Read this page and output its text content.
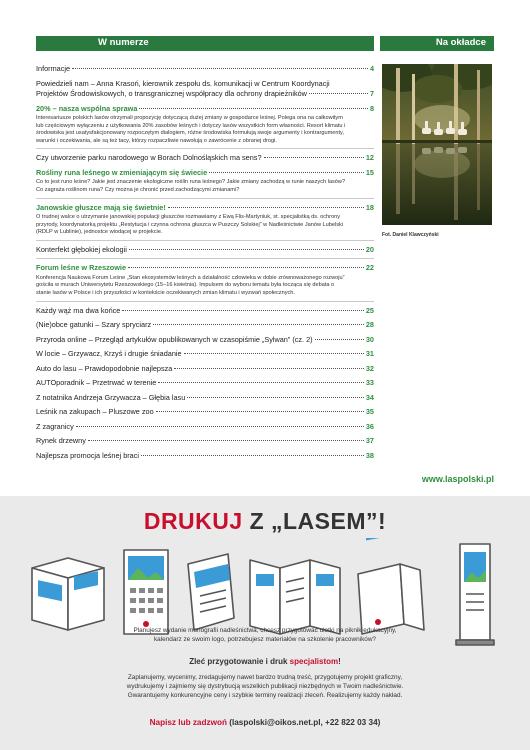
W numerze	Na okładce
Informacje	4
Powiedzieli nam – Anna Krasoń, kierownik zespołu ds. komunikacji w Centrum Koordynacji
Projektów Środowiskowych, o transgranicznej współpracy dla ochrony drapieżników	7
20% – nasza wspólna sprawa	8
Interesariusze polskich lasów otrzymali propozycję dotyczącą dużej zmiany w gospodarce leśnej. Polega ona na całkowitym lub częściowym wyłączeniu z użytkowania 20% zasobów leśnych i dotyczy lasów wszystkich form własności. Resort klimatu i środowiska jest usatysfakcjonowany rozpoczętym dialogiem, różne środowiska formułują swoje argumenty i kontrargumenty, warunki i oczekiwania, ale są też tacy, którzy rozpaczliwie nawołują o zawrócenie z obranej drogi.
Czy utworzenie parku narodowego w Borach Dolnośląskich ma sens?	12
Rośliny runa leśnego w zmieniającym się świecie	15
Co to jest runo leśne? Jakie jest znaczenie ekologiczne roślin runa leśnego? Jakie zmiany zachodzą w runie naszych lasów? Co zagraża roślinom runa? Czy można je chronić przed zachodzącymi zmianami?
Janowskie głuszce mają się świetnie!	18
O trudnej walce o utrzymanie janowskiej populacji głuszców rozmawiamy z Ewą Flis-Martyniuk, st. specjalistką ds. ochrony przyrody, koordynatorką projektu „Restytucja i czynna ochrona głuszca w Puszczy Solskiej” w Nadleśnictwie Janów Lubelski (RDLP w Lublinie), jednostce wiodącej w projekcie.
Konterfekt głębokiej ekologii	20
Forum leśne w Rzeszowie	22
Konferencja Naukowa Forum Leśne „Stan ekosystemów leśnych a działalność człowieka w dobie zrównoważonego rozwoju” gościła w murach Uniwersytetu Rzeszowskiego (15–16 kwietnia). Impulsem do wyboru tematu była tocząca się debata o stanie lasów w Polsce i ich przyszłości w kontekście oczekiwanych zmian klimatu i wyzwań społecznych.
Każdy wąż ma dwa końce	25
(Nie)obce gatunki – Szary spryciarz	28
Przyroda online – Przegląd artykułów opublikowanych w czasopiśmie „Sylwan” (cz. 2)	30
W locie – Grzywacz, Krzyś i drugie śniadanie	31
Auto do lasu – Prawdopodobnie najlepsza	32
AUTOporadnik – Przetrwać w terenie	33
Z notatnika Andrzeja Grzywacza – Głębia lasu	34
Leśnik na zakupach – Pluszowe zoo	35
Z zagranicy	36
Rynek drzewny	37
Najlepsza promocja leśnej braci	38
Fot. Daniel Klawczyński
www.laspolski.pl
DRUKUJ Z „LASEM”!
Planujesz wydanie monografii nadleśnictwa, chcesz przygotować ulotki na piknik edukacyjny,
kalendarz ze swoim logo, potrzebujesz materiałów na szkolenie pracowników?
Zleć przygotowanie i druk specjalistom!
Zaplanujemy, wycenimy, zredagujemy nawet bardzo trudną treść, przygotujemy projekt graficzny,
wydrukujemy i zajmiemy się dystrybucją wszelkich publikacji niezbędnych w Twoim nadleśnictwie.
Gwarantujemy konkurencyjne ceny i szybkie terminy realizacji zleceń. Realizujemy każdy nakład.
Napisz lub zadzwoń (laspolski@oikos.net.pl, +22 822 03 34)
